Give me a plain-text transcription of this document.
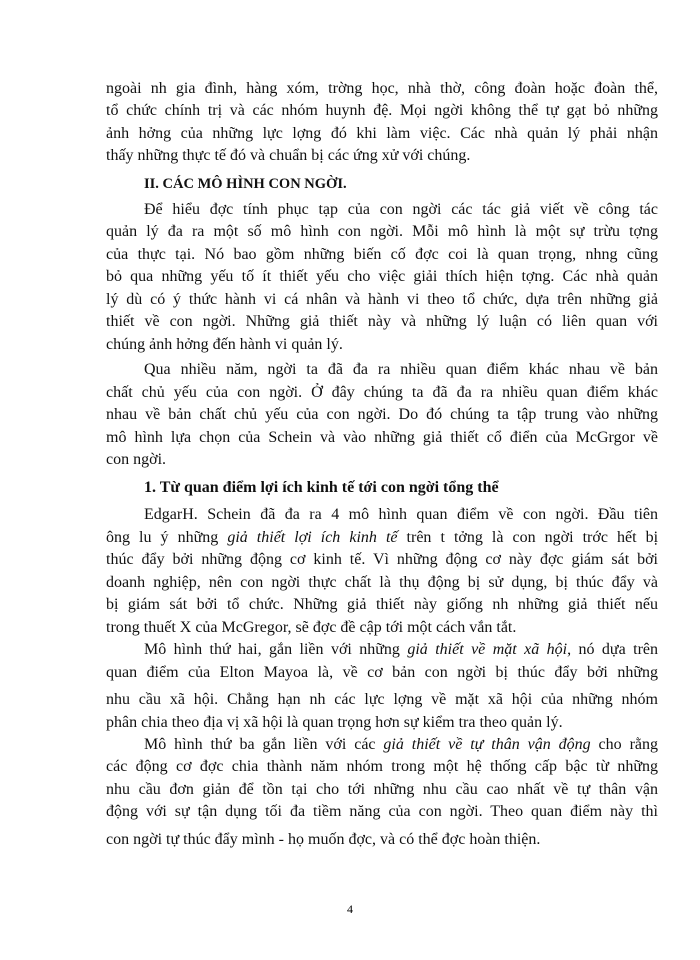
ngoài nh gia đình, hàng xóm, trờng học, nhà thờ, công đoàn hoặc đoàn thể,
tổ chức chính trị và các nhóm huynh đệ. Mọi ngời không thể tự gạt bỏ những
ảnh hởng của những lực lợng đó khi làm việc. Các nhà quản lý phải nhận
thấy những thực tế đó và chuẩn bị các ứng xử với chúng.
II. CÁC MÔ HÌNH CON NGỜI.
Để hiểu đợc tính phục tạp của con ngời các tác giả viết về công tác
quản lý đa ra một số mô hình con ngời. Mỗi mô hình là một sự trừu tợng
của thực tại. Nó bao gồm những biến cố đợc coi là quan trọng, nhng cũng
bỏ qua những yếu tố ít thiết yếu cho việc giải thích hiện tợng. Các nhà quản
lý dù có ý thức hành vi cá nhân và hành vi theo tổ chức, dựa trên những giả
thiết về con ngời. Những giả thiết này và những lý luận có liên quan với
chúng ảnh hởng đến hành vi quản lý.
Qua nhiều năm, ngời ta đã đa ra nhiều quan điểm khác nhau về bản
chất chủ yếu của con ngời. Ở đây chúng ta đã đa ra nhiều quan điểm khác
nhau về bản chất chủ yếu của con ngời. Do đó chúng ta tập trung vào những
mô hình lựa chọn của Schein và vào những giả thiết cổ điển của McGrgor về
con ngời.
1. Từ quan điểm lợi ích kinh tế tới con ngời tổng thể
EdgarH. Schein đã đa ra 4 mô hình quan điểm về con ngời. Đầu tiên
ông lu ý những giả thiết lợi ích kinh tế trên t tởng là con ngời trớc hết bị
thúc đẩy bởi những động cơ kinh tế. Vì những động cơ này đợc giám sát bởi
doanh nghiệp, nên con ngời thực chất là thụ động bị sử dụng, bị thúc đẩy và
bị giám sát bởi tổ chức. Những giả thiết này giống nh những giả thiết nếu
trong thuết X của McGregor, sẽ đợc đề cập tới một cách vắn tắt.
Mô hình thứ hai, gắn liền với những giả thiết về mặt xã hội, nó dựa trên
quan điểm của Elton Mayoa là, về cơ bản con ngời bị thúc đẩy bởi những
nhu cầu xã hội. Chẳng hạn nh các lực lợng về mặt xã hội của những nhóm
phân chia theo địa vị xã hội là quan trọng hơn sự kiểm tra theo quản lý.
Mô hình thứ ba gắn liền với các giả thiết về tự thân vận động cho rằng
các động cơ đợc chia thành năm nhóm trong một hệ thống cấp bậc từ những
nhu cầu đơn giản để tồn tại cho tới những nhu cầu cao nhất về tự thân vận
động với sự tận dụng tối đa tiềm năng của con ngời. Theo quan điểm này thì
con ngời tự thúc đẩy mình - họ muốn đợc, và có thể đợc hoàn thiện.
4
